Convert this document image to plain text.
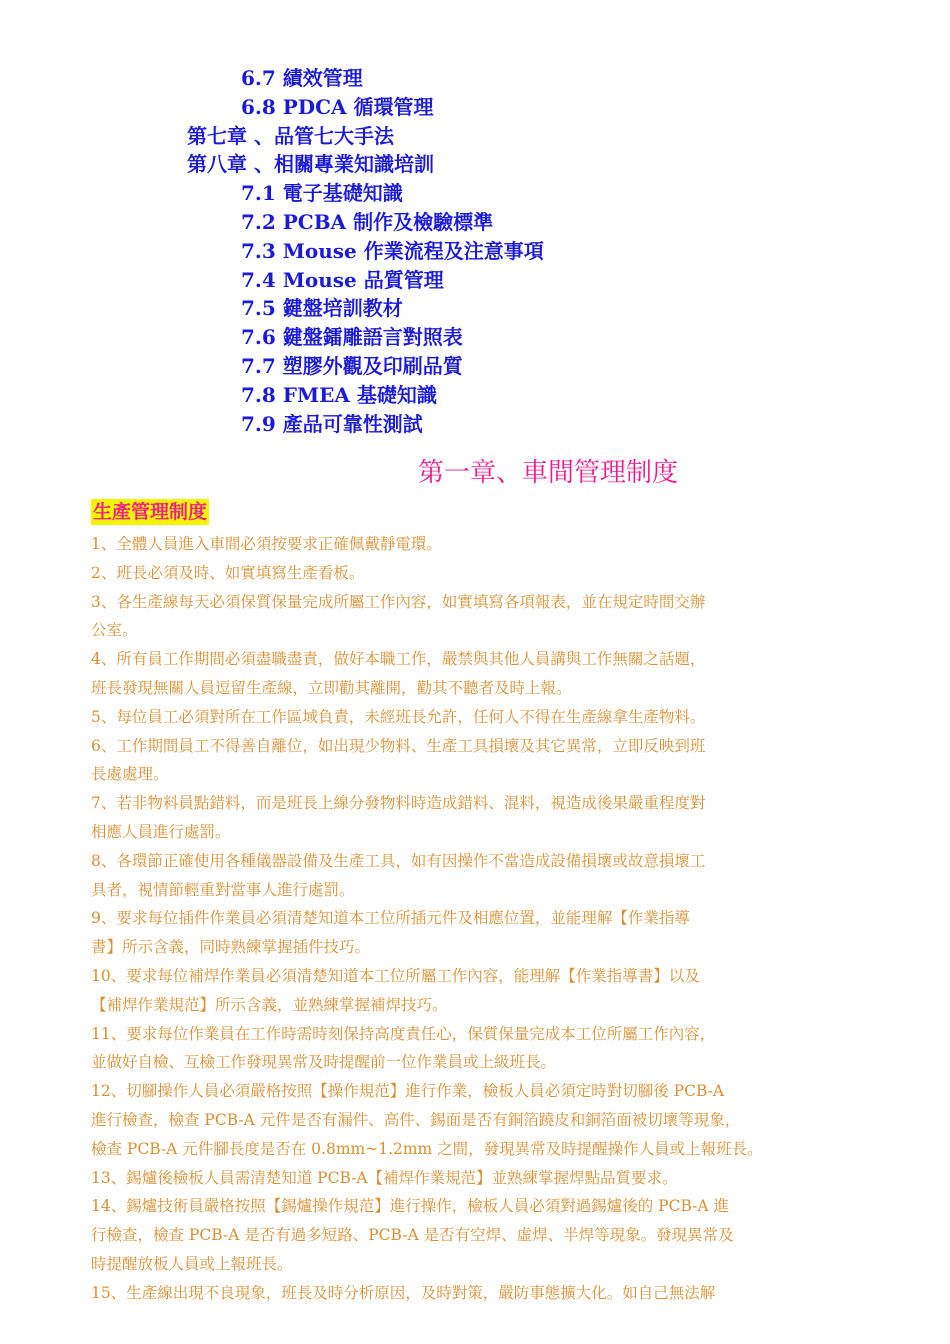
6.7 績效管理
6.8 PDCA 循環管理
第七章 、品管七大手法
第八章 、相關專業知識培訓
7.1 電子基礎知識
7.2 PCBA 制作及檢驗標準
7.3 Mouse 作業流程及注意事項
7.4 Mouse 品質管理
7.5 鍵盤培訓教材
7.6 鍵盤鐳雕語言對照表
7.7 塑膠外觀及印刷品質
7.8 FMEA 基礎知識
7.9 產品可靠性測試
第一章、車間管理制度
生產管理制度
1、全體人員進入車間必須按要求正確佩戴靜電環。
2、班長必須及時、如實填寫生產看板。
3、各生產線每天必須保質保量完成所屬工作內容，如實填寫各項報表，並在規定時間交辦
公室。
4、所有員工作期間必須盡職盡責，做好本職工作，嚴禁與其他人員講與工作無關之話題，
班長發現無關人員逗留生產線，立即勸其離開，勸其不聽者及時上報。
5、每位員工必須對所在工作區域負責，未經班長允許，任何人不得在生產線拿生產物料。
6、工作期間員工不得善自離位，如出現少物料、生產工具損壞及其它異常，立即反映到班
長處處理。
7、若非物料員點錯料，而是班長上線分發物料時造成錯料、混料，視造成後果嚴重程度對
相應人員進行處罰。
8、各環節正確使用各種儀器設備及生產工具，如有因操作不當造成設備損壞或故意損壞工
具者，視情節輕重對當事人進行處罰。
9、要求每位插件作業員必須清楚知道本工位所插元件及相應位置，並能理解【作業指導
書】所示含義，同時熟練掌握插件技巧。
10、要求每位補焊作業員必須清楚知道本工位所屬工作內容，能理解【作業指導書】以及
【補焊作業規范】所示含義，並熟練掌握補焊技巧。
11、要求每位作業員在工作時需時刻保持高度責任心，保質保量完成本工位所屬工作內容，
並做好自檢、互檢工作發現異常及時提醒前一位作業員或上級班長。
12、切腳操作人員必須嚴格按照【操作規范】進行作業，檢板人員必須定時對切腳後 PCB-A
進行檢查，檢查 PCB-A 元件是否有漏件、高件、錫面是否有銅箔蹺皮和銅箔面被切壞等現象，
檢查 PCB-A 元件腳長度是否在 0.8mm~1.2mm 之間，發現異常及時提醒操作人員或上報班長。
13、錫爐後檢板人員需清楚知道 PCB-A【補焊作業規范】並熟練掌握焊點品質要求。
14、錫爐技術員嚴格按照【錫爐操作規范】進行操作，檢板人員必須對過錫爐後的 PCB-A 進
行檢查，檢查 PCB-A 是否有過多短路、PCB-A 是否有空焊、虛焊、半焊等現象。發現異常及
時提醒放板人員或上報班長。
15、生產線出現不良現象，班長及時分析原因，及時對策，嚴防事態擴大化。如自己無法解
